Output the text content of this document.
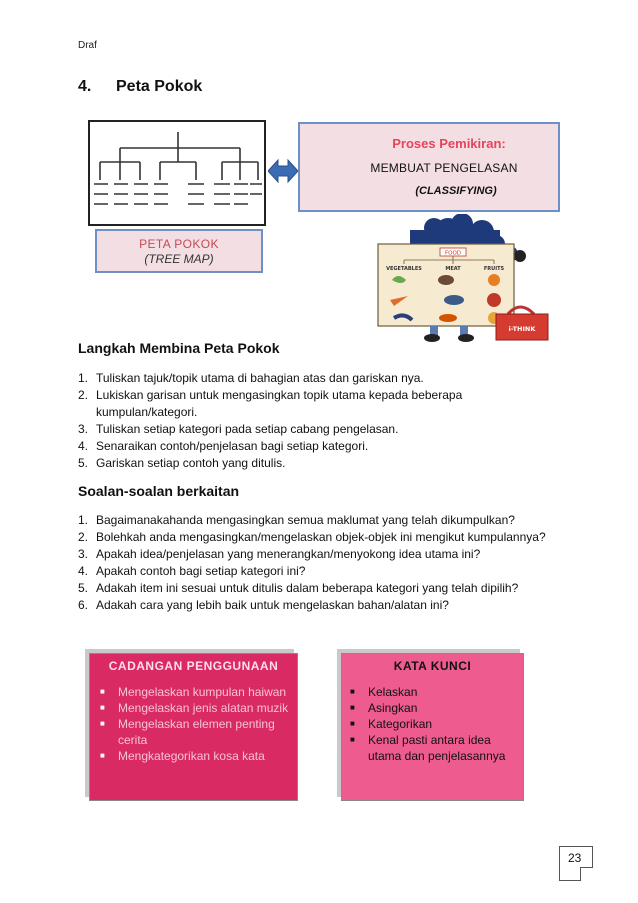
Draf
4. Peta Pokok
Proses Pemikiran:
MEMBUAT PENGELASAN
(CLASSIFYING)
PETA POKOK
(TREE MAP)	FOOD
VEGETABLES	MEAT	FRUITS
i-THINK
Langkah Membina Peta Pokok
1. Tuliskan tajuk/topik utama di bahagian atas dan gariskan nya.
2. Lukiskan garisan untuk mengasingkan topik utama kepada beberapa kumpulan/kategori.
3. Tuliskan setiap kategori pada setiap cabang pengelasan.
4. Senaraikan contoh/penjelasan bagi setiap kategori.
5. Gariskan setiap contoh yang ditulis.
Soalan-soalan berkaitan
1. Bagaimanakahanda mengasingkan semua maklumat yang telah dikumpulkan?
2. Bolehkah anda mengasingkan/mengelaskan objek-objek ini mengikut kumpulannya?
3. Apakah idea/penjelasan yang menerangkan/menyokong idea utama ini?
4. Apakah contoh bagi setiap kategori ini?
5. Adakah item ini sesuai untuk ditulis dalam beberapa kategori yang telah dipilih?
6. Adakah cara yang lebih baik untuk mengelaskan bahan/alatan ini?
CADANGAN PENGGUNAAN
■	Mengelaskan kumpulan haiwan
■	Mengelaskan jenis alatan muzik
■	Mengelaskan elemen penting cerita
■	Mengkategorikan kosa kata
KATA KUNCI
■	Kelaskan
■	Asingkan
■	Kategorikan
■	Kenal pasti antara idea utama dan penjelasannya
23
